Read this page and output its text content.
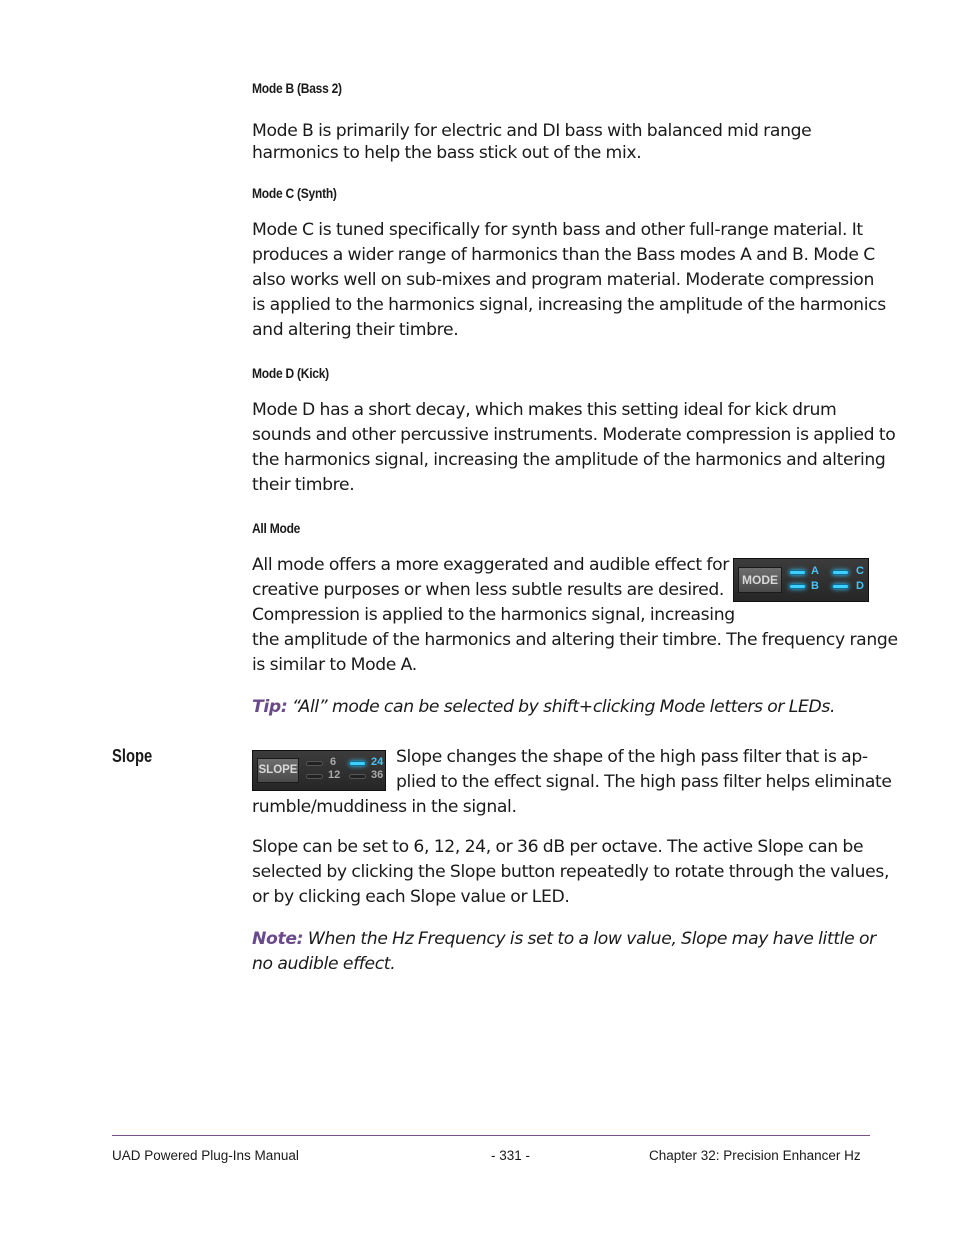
Mode B (Bass 2)
Mode B is primarily for electric and DI bass with balanced mid range
harmonics to help the bass stick out of the mix.
Mode C (Synth)
Mode C is tuned specifically for synth bass and other full-range material. It
produces a wider range of harmonics than the Bass modes A and B. Mode C
also works well on sub-mixes and program material. Moderate compression
is applied to the harmonics signal, increasing the amplitude of the harmonics
and altering their timbre.
Mode D (Kick)
Mode D has a short decay, which makes this setting ideal for kick drum
sounds and other percussive instruments. Moderate compression is applied to
the harmonics signal, increasing the amplitude of the harmonics and altering
their timbre.
All Mode
All mode offers a more exaggerated and audible effect for
creative purposes or when less subtle results are desired.
Compression is applied to the harmonics signal, increasing
the amplitude of the harmonics and altering their timbre. The frequency range
is similar to Mode A.
MODE
A
B
C
D
Tip: “All” mode can be selected by shift+clicking Mode letters or LEDs.
Slope
SLOPE
6
12
24
36
Slope changes the shape of the high pass filter that is ap-
plied to the effect signal. The high pass filter helps eliminate
rumble/muddiness in the signal.
Slope can be set to 6, 12, 24, or 36 dB per octave. The active Slope can be
selected by clicking the Slope button repeatedly to rotate through the values,
or by clicking each Slope value or LED.
Note: When the Hz Frequency is set to a low value, Slope may have little or
no audible effect.
UAD Powered Plug-Ins Manual	- 331 -	Chapter 32: Precision Enhancer Hz
